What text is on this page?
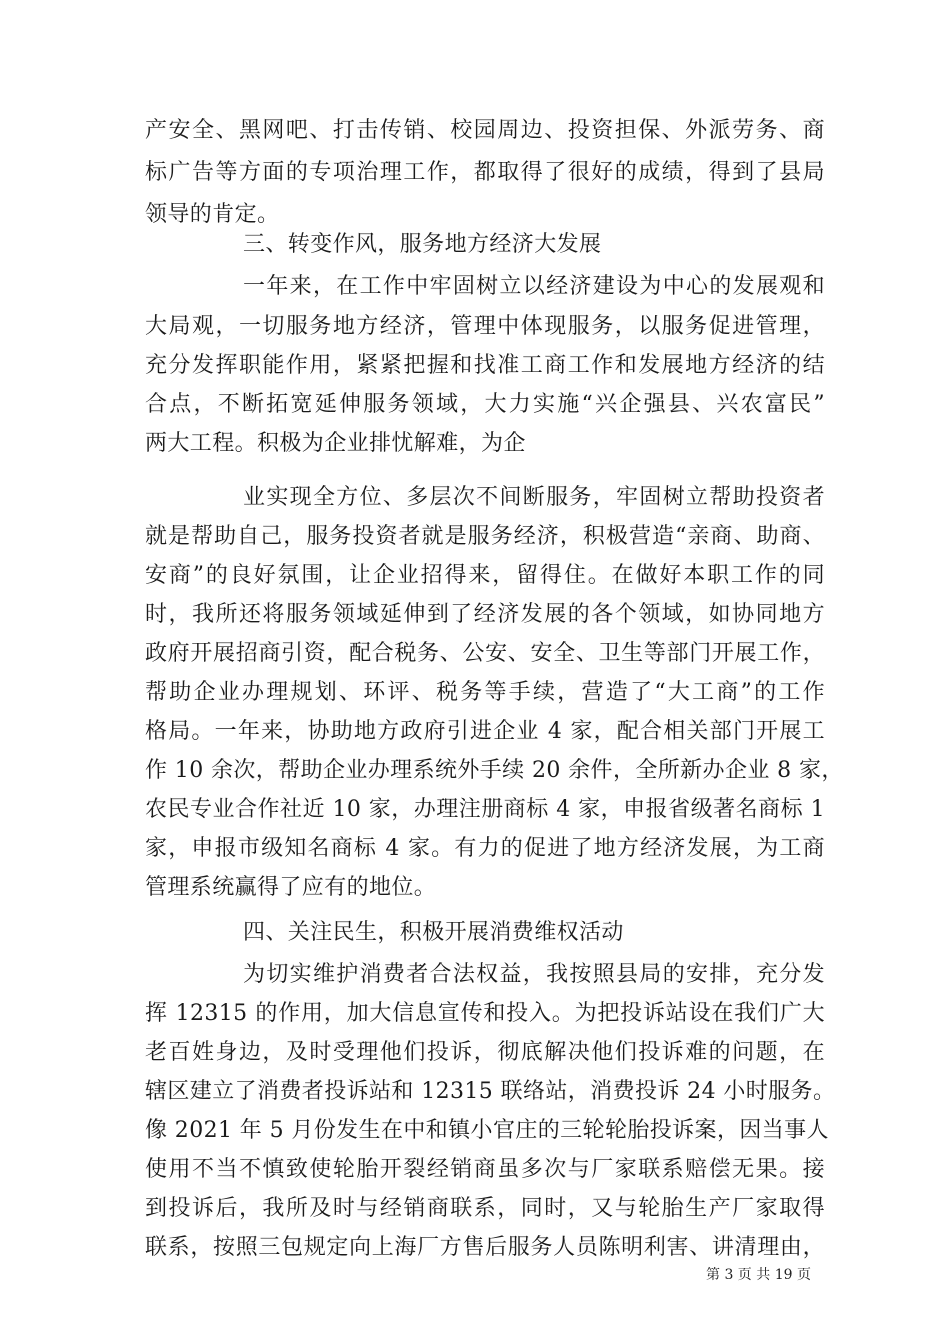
产安全、黑网吧、打击传销、校园周边、投资担保、外派劳务、商
标广告等方面的专项治理工作，都取得了很好的成绩，得到了县局
领导的肯定。
三、转变作风，服务地方经济大发展
一年来，在工作中牢固树立以经济建设为中心的发展观和
大局观，一切服务地方经济，管理中体现服务，以服务促进管理，
充分发挥职能作用，紧紧把握和找准工商工作和发展地方经济的结
合点，不断拓宽延伸服务领域，大力实施“兴企强县、兴农富民”
两大工程。积极为企业排忧解难，为企
业实现全方位、多层次不间断服务，牢固树立帮助投资者
就是帮助自己，服务投资者就是服务经济，积极营造“亲商、助商、
安商”的良好氛围，让企业招得来，留得住。在做好本职工作的同
时，我所还将服务领域延伸到了经济发展的各个领域，如协同地方
政府开展招商引资，配合税务、公安、安全、卫生等部门开展工作，
帮助企业办理规划、环评、税务等手续，营造了“大工商”的工作
格局。一年来，协助地方政府引进企业 4 家，配合相关部门开展工
作 10 余次，帮助企业办理系统外手续 20 余件，全所新办企业 8 家，
农民专业合作社近 10 家，办理注册商标 4 家，申报省级著名商标 1
家，申报市级知名商标 4 家。有力的促进了地方经济发展，为工商
管理系统赢得了应有的地位。
四、关注民生，积极开展消费维权活动
为切实维护消费者合法权益，我按照县局的安排，充分发
挥 12315 的作用，加大信息宣传和投入。为把投诉站设在我们广大
老百姓身边，及时受理他们投诉，彻底解决他们投诉难的问题，在
辖区建立了消费者投诉站和 12315 联络站，消费投诉 24 小时服务。
像 2021 年 5 月份发生在中和镇小官庄的三轮轮胎投诉案，因当事人
使用不当不慎致使轮胎开裂经销商虽多次与厂家联系赔偿无果。接
到投诉后，我所及时与经销商联系，同时，又与轮胎生产厂家取得
联系，按照三包规定向上海厂方售后服务人员陈明利害、讲清理由，
第 3 页 共 19 页
